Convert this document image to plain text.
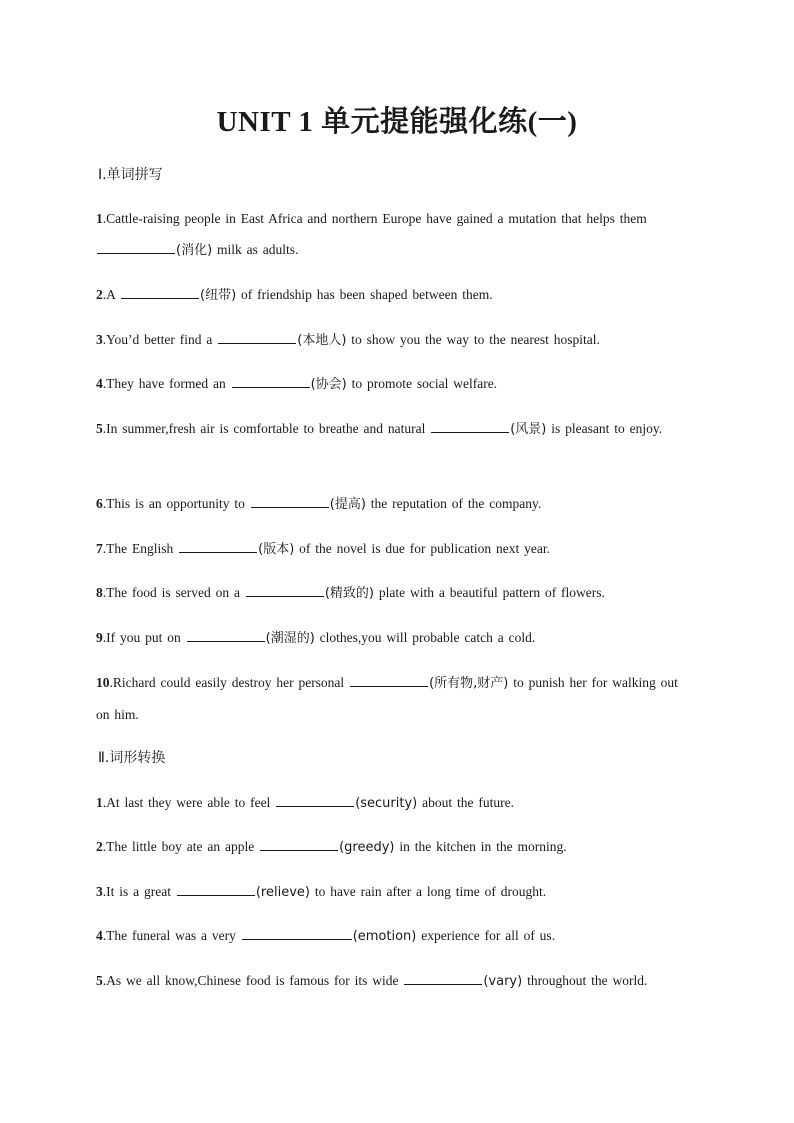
UNIT 1 单元提能强化练(一)
Ⅰ.单词拼写
1.Cattle-raising people in East Africa and northern Europe have gained a mutation that helps them (消化) milk as adults.
2.A	(纽带) of friendship has been shaped between them.
3.You’d better find a	(本地人) to show you the way to the nearest hospital.
4.They have formed an	(协会) to promote social welfare.
5.In summer,fresh air is comfortable to breathe and natural	(风景) is pleasant to enjoy.
6.This is an opportunity to	(提高) the reputation of the company.
7.The English	(版本) of the novel is due for publication next year.
8.The food is served on a	(精致的) plate with a beautiful pattern of flowers.
9.If you put on	(潮湿的) clothes,you will probable catch a cold.
10.Richard could easily destroy her personal	(所有物,财产) to punish her for walking out on him.
Ⅱ.词形转换
1.At last they were able to feel	(security) about the future.
2.The little boy ate an apple	(greedy) in the kitchen in the morning.
3.It is a great	(relieve) to have rain after a long time of drought.
4.The funeral was a very	(emotion) experience for all of us.
5.As we all know,Chinese food is famous for its wide	(vary) throughout the world.
